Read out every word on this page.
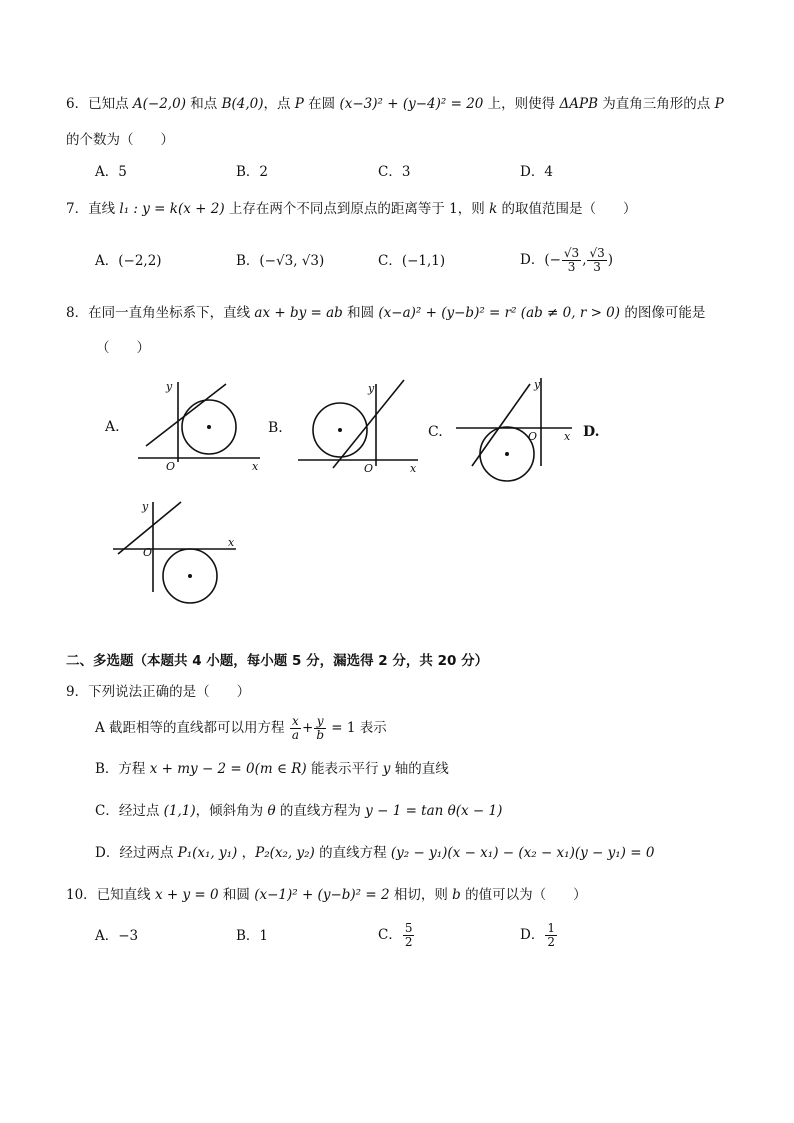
6．已知点 A(−2,0) 和点 B(4,0)，点 P 在圆 (x−3)² + (y−4)² = 20 上，则使得 ΔAPB 为直角三角形的点 P
的个数为（　　）
A．5	B．2	C．3	D．4
7．直线 l₁ : y = k(x + 2) 上存在两个不同点到原点的距离等于 1，则 k 的取值范围是（　　）
A．(−2,2)	B．(−√3, √3)	C．(−1,1)	D．(− $\frac{√3}{3}$ , $\frac{√3}{3}$ )
8．在同一直角坐标系下，直线 ax + by = ab 和圆 (x−a)² + (y−b)² = r² (ab ≠ 0, r > 0) 的图像可能是
（　　）
A.	B.	C.	D.
O	x
y
O	x
y
O x
y
O
x
y
二、多选题（本题共 4 小题，每小题 5 分，漏选得 2 分，共 20 分）
9．下列说法正确的是（　　）
A 截距相等的直线都可以用方程 $\frac{x}{a} + \frac{y}{b} = 1$ 表示
B．方程 x + my − 2 = 0(m ∈ R) 能表示平行 y 轴的直线
C．经过点 (1,1)，倾斜角为 θ 的直线方程为 y − 1 = tan θ(x − 1)
D．经过两点 P₁(x₁, y₁) ，P₂(x₂, y₂) 的直线方程 (y₂ − y₁)(x − x₁) − (x₂ − x₁)(y − y₁) = 0
10．已知直线 x + y = 0 和圆 (x−1)² + (y−b)² = 2 相切，则 b 的值可以为（　　）
A．−3	B．1	C． $\frac{5}{2}$	D． $\frac{1}{2}$
